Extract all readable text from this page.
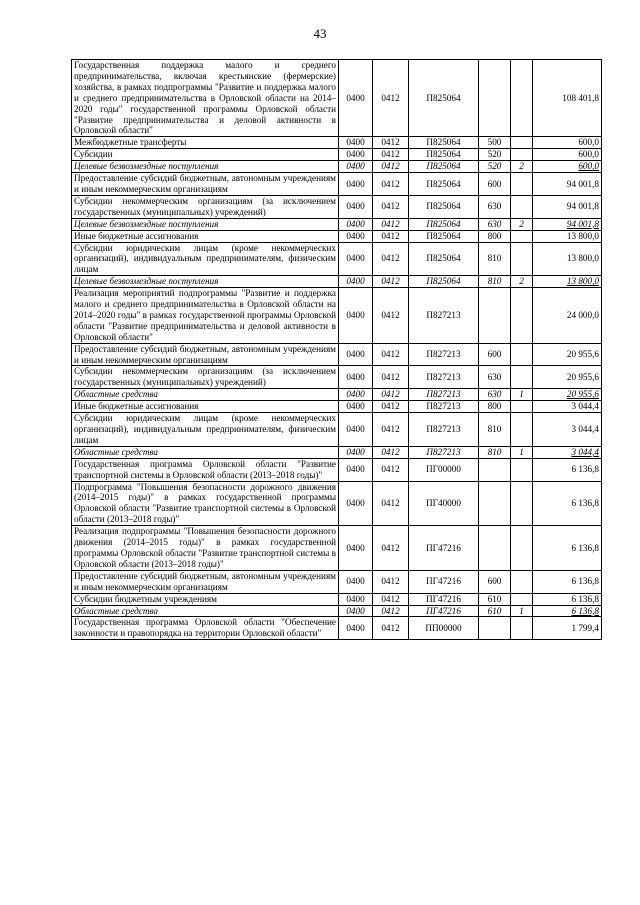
43
Государственная поддержка малого и среднего предпринимательства, включая крестьянские (фермерские) хозяйства, в рамках подпрограммы "Развитие и поддержка малого и среднего предпринимательства в Орловской области на 2014–2020 годы" государственной программы Орловской области "Развитие предпринимательства и деловой активности в Орловской области"	0400	0412	П825064			108 401,8
Межбюджетные трансферты	0400	0412	П825064	500		600,0
Субсидии	0400	0412	П825064	520		600,0
Целевые безвозмездные поступления	0400	0412	П825064	520	2	600,0
Предоставление субсидий бюджетным, автономным учреждениям и иным некоммерческим организациям	0400	0412	П825064	600		94 001,8
Субсидии некоммерческим организациям (за исключением государственных (муниципальных) учреждений)	0400	0412	П825064	630		94 001,8
Целевые безвозмездные поступления	0400	0412	П825064	630	2	94 001,8
Иные бюджетные ассигнования	0400	0412	П825064	800		13 800,0
Субсидии юридическим лицам (кроме некоммерческих организаций), индивидуальным предпринимателям, физическим лицам	0400	0412	П825064	810		13 800,0
Целевые безвозмездные поступления	0400	0412	П825064	810	2	13 800,0
Реализация мероприятий подпрограммы "Развитие и поддержка малого и среднего предпринимательства в Орловской области на 2014–2020 годы" в рамках государственной программы Орловской области "Развитие предпринимательства и деловой активности в Орловской области"	0400	0412	П827213			24 000,0
Предоставление субсидий бюджетным, автономным учреждениям и иным некоммерческим организациям	0400	0412	П827213	600		20 955,6
Субсидии некоммерческим организациям (за исключением государственных (муниципальных) учреждений)	0400	0412	П827213	630		20 955,6
Областные средства	0400	0412	П827213	630	1	20 955,6
Иные бюджетные ассигнования	0400	0412	П827213	800		3 044,4
Субсидии юридическим лицам (кроме некоммерческих организаций), индивидуальным предпринимателям, физическим лицам	0400	0412	П827213	810		3 044,4
Областные средства	0400	0412	П827213	810	1	3 044,4
Государственная программа Орловской области "Развитие транспортной системы в Орловской области (2013–2018 годы)"	0400	0412	ПГ00000			6 136,8
Подпрограмма "Повышения безопасности дорожного движения (2014–2015 годы)" в рамках государственной программы Орловской области "Развитие транспортной системы в Орловской области (2013–2018 годы)"	0400	0412	ПГ40000			6 136,8
Реализация подпрограммы "Повышения безопасности дорожного движения (2014–2015 годы)" в рамках государственной программы Орловской области "Развитие транспортной системы в Орловской области (2013–2018 годы)"	0400	0412	ПГ47216			6 136,8
Предоставление субсидий бюджетным, автономным учреждениям и иным некоммерческим организациям	0400	0412	ПГ47216	600		6 136,8
Субсидии бюджетным учреждениям	0400	0412	ПГ47216	610		6 136,8
Областные средства	0400	0412	ПГ47216	610	1	6 136,8
Государственная программа Орловской области "Обеспечение законности и правопорядка на территории Орловской области"	0400	0412	ПП00000			1 799,4
